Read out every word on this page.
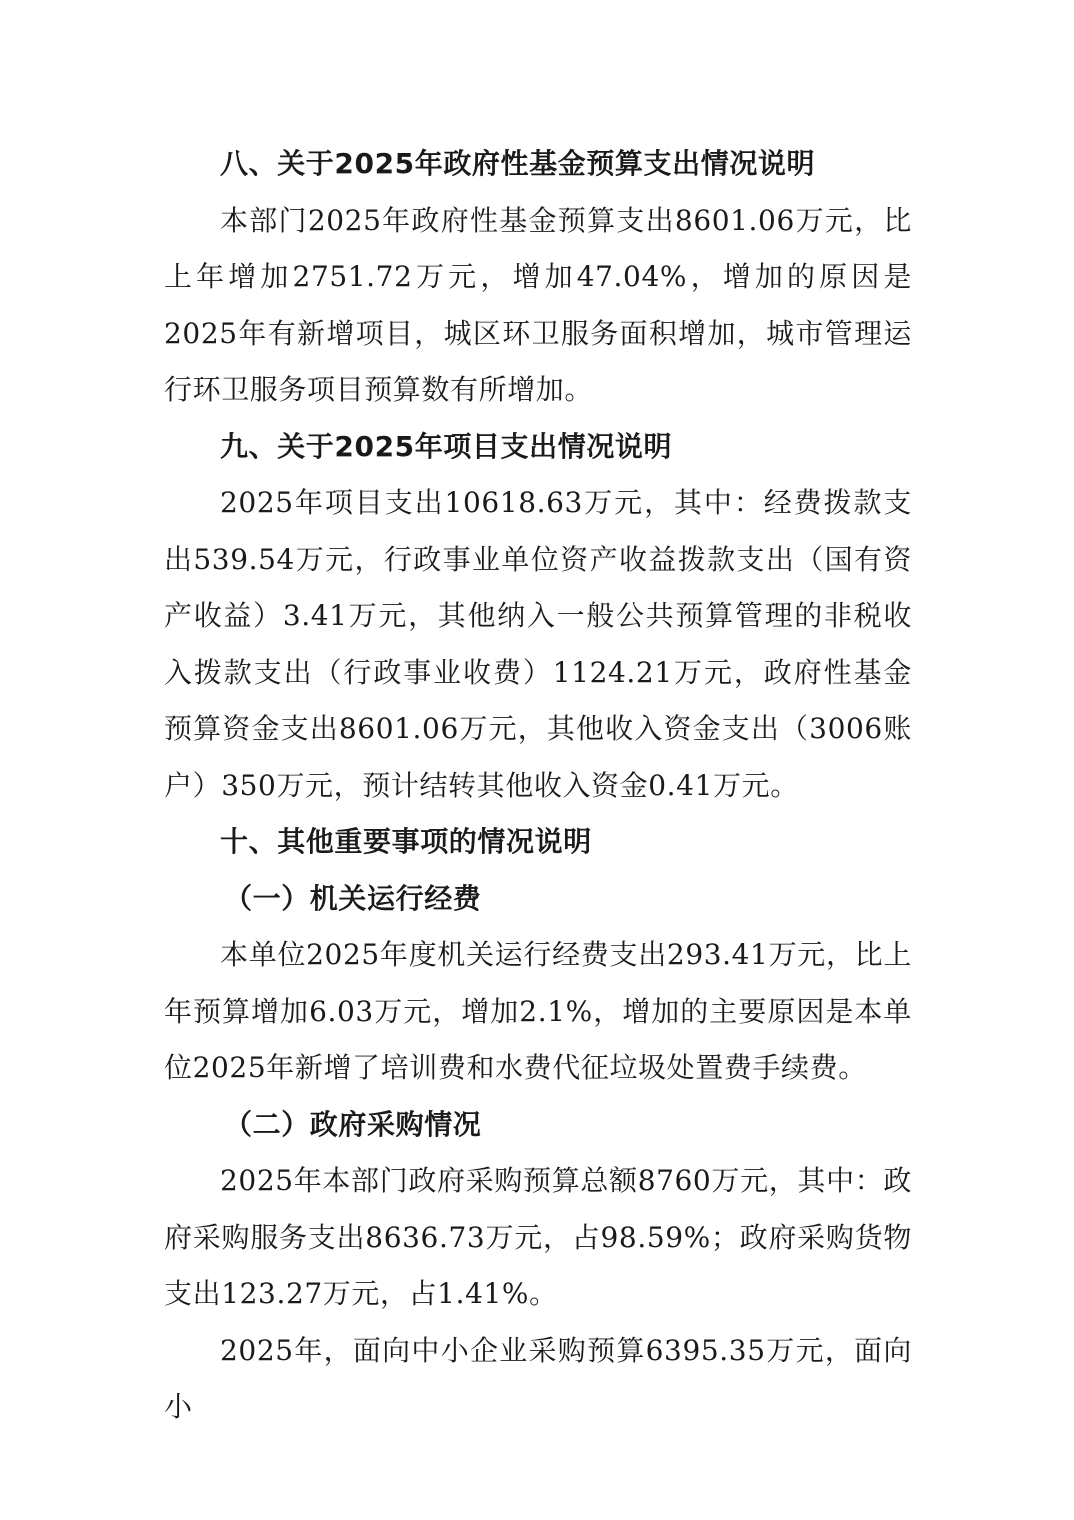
八、关于2025年政府性基金预算支出情况说明

本部门2025年政府性基金预算支出8601.06万元，比上年增加2751.72万元，增加47.04%，增加的原因是2025年有新增项目，城区环卫服务面积增加，城市管理运行环卫服务项目预算数有所增加。

九、关于2025年项目支出情况说明

2025年项目支出10618.63万元，其中：经费拨款支出539.54万元，行政事业单位资产收益拨款支出（国有资产收益）3.41万元，其他纳入一般公共预算管理的非税收入拨款支出（行政事业收费）1124.21万元，政府性基金预算资金支出8601.06万元，其他收入资金支出（3006账户）350万元，预计结转其他收入资金0.41万元。

十、其他重要事项的情况说明

（一）机关运行经费

本单位2025年度机关运行经费支出293.41万元，比上年预算增加6.03万元，增加2.1%，增加的主要原因是本单位2025年新增了培训费和水费代征垃圾处置费手续费。

（二）政府采购情况

2025年本部门政府采购预算总额8760万元，其中：政府采购服务支出8636.73万元，占98.59%；政府采购货物支出123.27万元，占1.41%。

2025年，面向中小企业采购预算6395.35万元，面向小
